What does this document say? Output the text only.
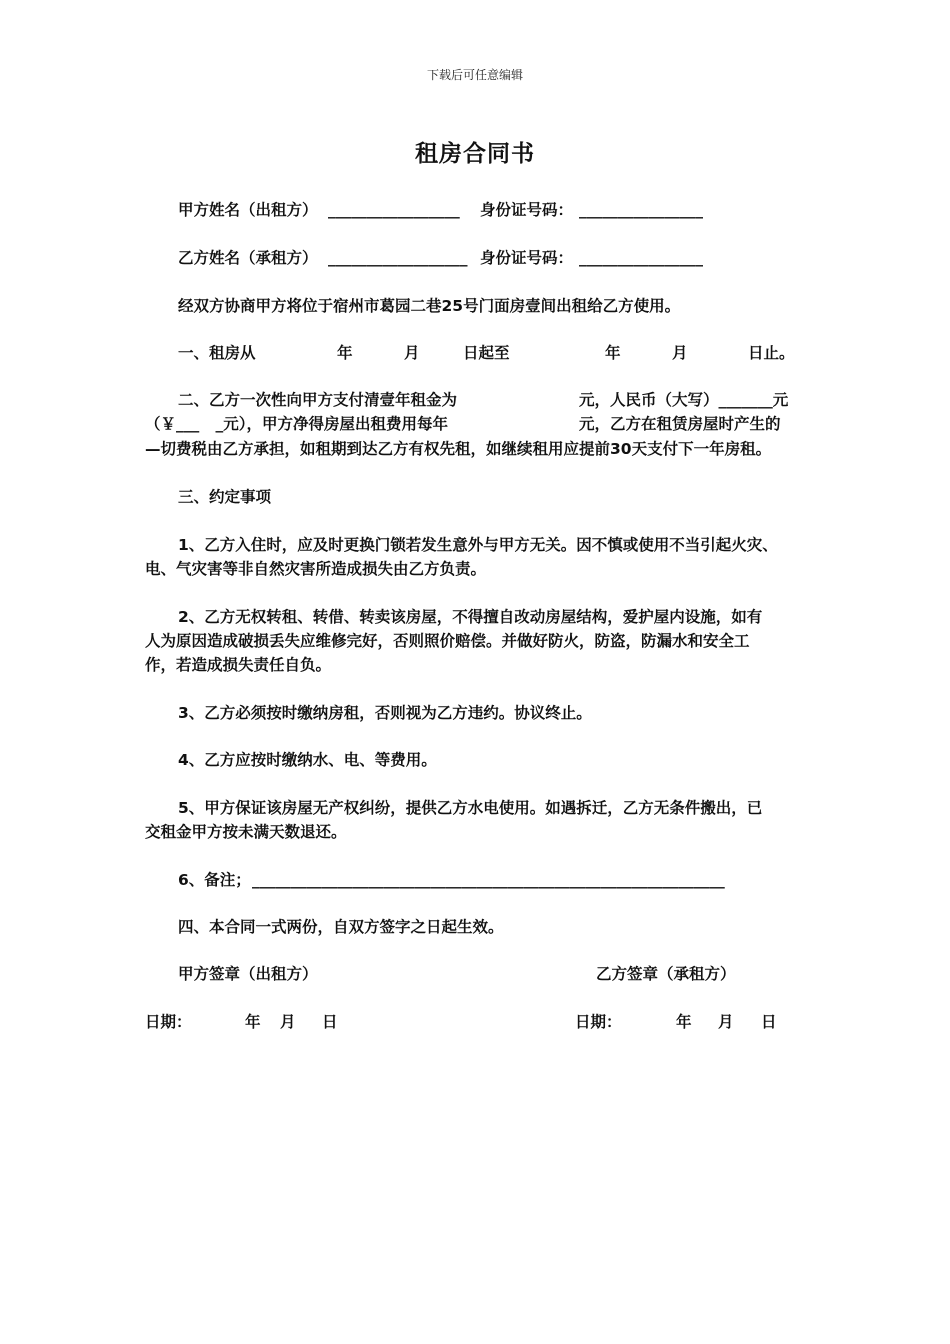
下载后可任意编辑
租房合同书
甲方姓名（出租方） _________________ 身份证号码： ________________
乙方姓名（承租方） __________________ 身份证号码： ________________
经双方协商甲方将位于宿州市葛园二巷25号门面房壹间出租给乙方使用。
一、租房从	年	月	日起至	年	月	日止。
二、乙方一次性向甲方支付清壹年租金为	元，人民币（大写）_______元
（￥___   _元），甲方净得房屋出租费用每年	元，乙方在租赁房屋时产生的
—切费税由乙方承担，如租期到达乙方有权先租，如继续租用应提前30天支付下一年房租。
三、约定事项
1、乙方入住时，应及时更换门锁若发生意外与甲方无关。因不慎或使用不当引起火灾、
电、气灾害等非自然灾害所造成损失由乙方负责。
2、乙方无权转租、转借、转卖该房屋，不得擅自改动房屋结构，爱护屋内设施，如有
人为原因造成破损丢失应维修完好，否则照价赔偿。并做好防火，防盗，防漏水和安全工
作，若造成损失责任自负。
3、乙方必须按时缴纳房租，否则视为乙方违约。协议终止。
4、乙方应按时缴纳水、电、等费用。
5、甲方保证该房屋无产权纠纷，提供乙方水电使用。如遇拆迁，乙方无条件搬出，已
交租金甲方按未满天数退还。
6、备注； _____________________________________________________________
四、本合同一式两份，自双方签字之日起生效。
甲方签章（出租方）	乙方签章（承租方）
日期：	年 月 日	日期：	年 月 日
